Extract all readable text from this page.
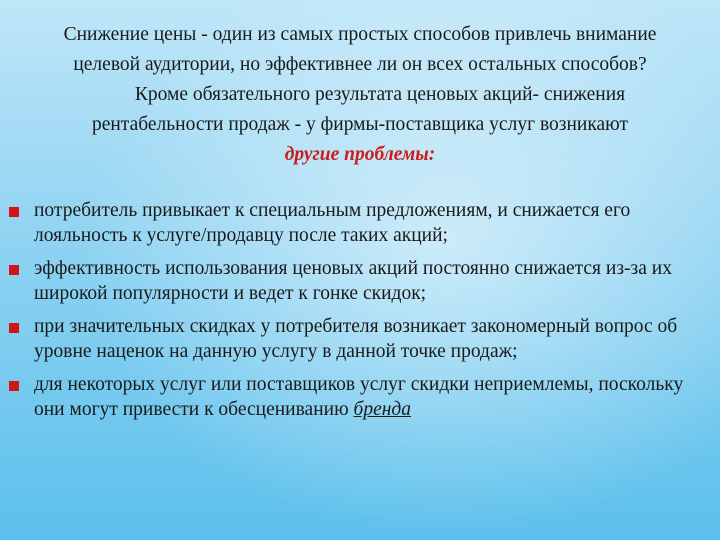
Снижение цены - один из самых простых способов привлечь внимание целевой аудитории, но эффективнее ли он всех остальных способов?

Кроме обязательного результата ценовых акций- снижения рентабельности продаж - у фирмы-поставщика услуг возникают

другие проблемы:

потребитель привыкает к специальным предложениям, и снижается его лояльность к услуге/продавцу после таких акций;
эффективность использования ценовых акций постоянно снижается из-за их широкой популярности и ведет к гонке скидок;
при значительных скидках у потребителя возникает закономерный вопрос об уровне наценок на данную услугу в данной точке продаж;
для некоторых услуг или поставщиков услуг скидки неприемлемы, поскольку они могут привести к обесцениванию бренда
